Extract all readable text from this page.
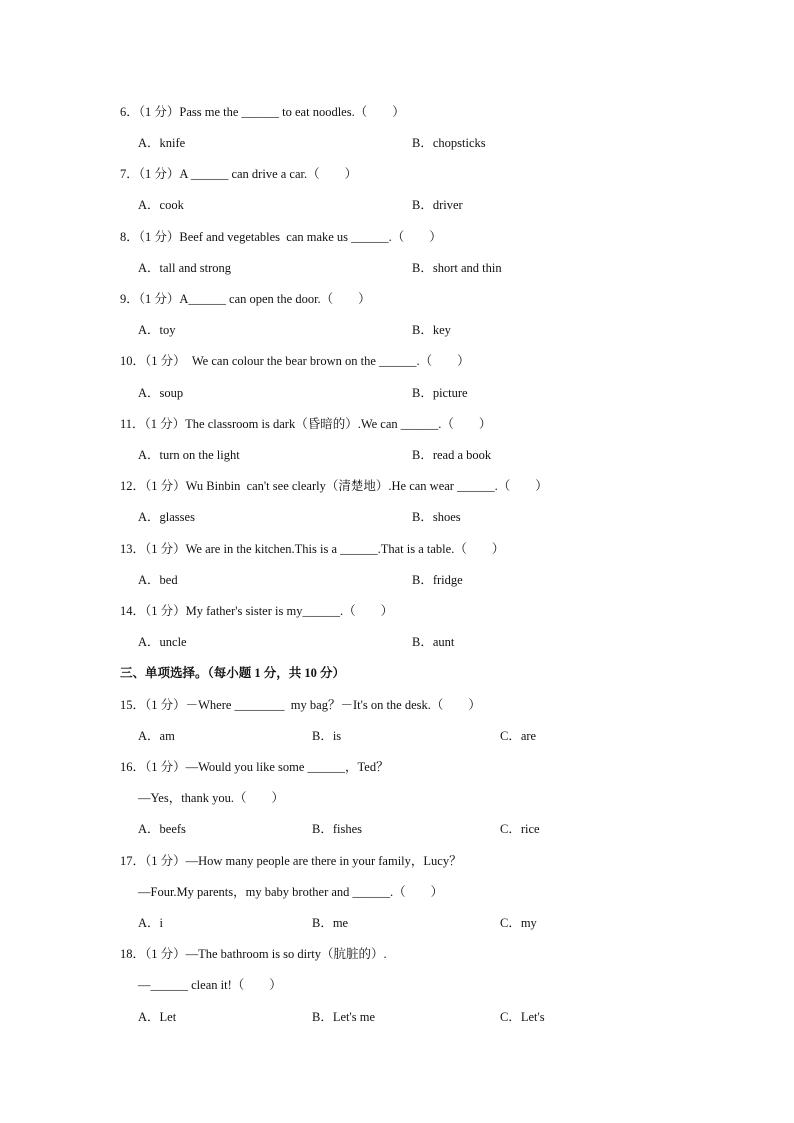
6．（1 分）Pass me the ______ to eat noodles.（　　）
A．knife	B．chopsticks
7．（1 分）A ______ can drive a car.（　　）
A．cook	B．driver
8．（1 分）Beef and vegetables  can make us ______.（　　）
A．tall and strong	B．short and thin
9．（1 分）A______ can open the door.（　　）
A．toy	B．key
10．（1 分）  We can colour the bear brown on the ______.（　　）
A．soup	B．picture
11．（1 分）The classroom is dark（昏暗的）.We can ______.（　　）
A．turn on the light	B．read a book
12．（1 分）Wu Binbin  can't see clearly（清楚地）.He can wear ______.（　　）
A．glasses	B．shoes
13．（1 分）We are in the kitchen.This is a ______.That is a table.（　　）
A．bed	B．fridge
14．（1 分）My father's sister is my______.（　　）
A．uncle	B．aunt
三、单项选择。（每小题 1 分，共 10 分）
15．（1 分）－Where ________  my bag？－It's on the desk.（　　）
A．am	B．is	C．are
16．（1 分）—Would you like some ______，Ted？
—Yes，thank you.（　　）
A．beefs	B．fishes	C．rice
17．（1 分）—How many people are there in your family，Lucy？
—Four.My parents，my baby brother and ______.（　　）
A．i	B．me	C．my
18．（1 分）—The bathroom is so dirty（肮脏的）.
—______ clean it!（　　）
A．Let	B．Let's me	C．Let's
